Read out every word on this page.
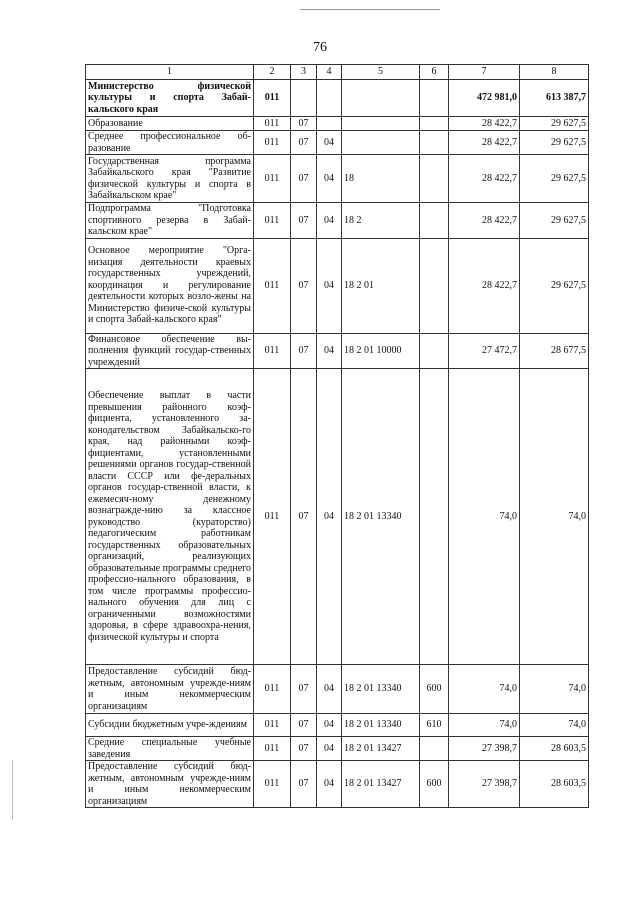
76
1	2	3	4	5	6	7	8
Министерство физической культуры и спорта Забай-кальского края	011					472 981,0	613 387,7
Образование	011	07				28 422,7	29 627,5
Среднее профессиональное об-разование	011	07	04			28 422,7	29 627,5
Государственная программа Забайкальского края "Развитие физической культуры и спорта в Забайкальском крае"	011	07	04	18		28 422,7	29 627,5
Подпрограмма "Подготовка спортивного резерва в Забай-кальском крае"	011	07	04	18 2		28 422,7	29 627,5
Основное мероприятие "Орга-низация деятельности краевых государственных учреждений, координация и регулирование деятельности которых возло-жены на Министерство физиче-ской культуры и спорта Забай-кальского края"	011	07	04	18 2 01		28 422,7	29 627,5
Финансовое обеспечение вы-полнения функций государ-ственных учреждений	011	07	04	18 2 01 10000		27 472,7	28 677,5
Обеспечение выплат в части превышения районного коэф-фициента, установленного за-конодательством Забайкальско-го края, над районными коэф-фициентами, установленными решениями органов государ-ственной власти СССР или фе-деральных органов государ-ственной власти, к ежемесяч-ному денежному вознагражде-нию за классное руководство (кураторство) педагогическим работникам государственных образовательных организаций, реализующих образовательные программы среднего профессио-нального образования, в том числе программы профессио-нального обучения для лиц с ограниченными возможностями здоровья, в сфере здравоохра-нения, физической культуры и спорта	011	07	04	18 2 01 13340		74,0	74,0
Предоставление субсидий бюд-жетным, автономным учрежде-ниям и иным некоммерческим организациям	011	07	04	18 2 01 13340	600	74,0	74,0
Субсидии бюджетным учре-ждениям	011	07	04	18 2 01 13340	610	74,0	74,0
Средние специальные учебные заведения	011	07	04	18 2 01 13427		27 398,7	28 603,5
Предоставление субсидий бюд-жетным, автономным учрежде-ниям и иным некоммерческим организациям	011	07	04	18 2 01 13427	600	27 398,7	28 603,5
